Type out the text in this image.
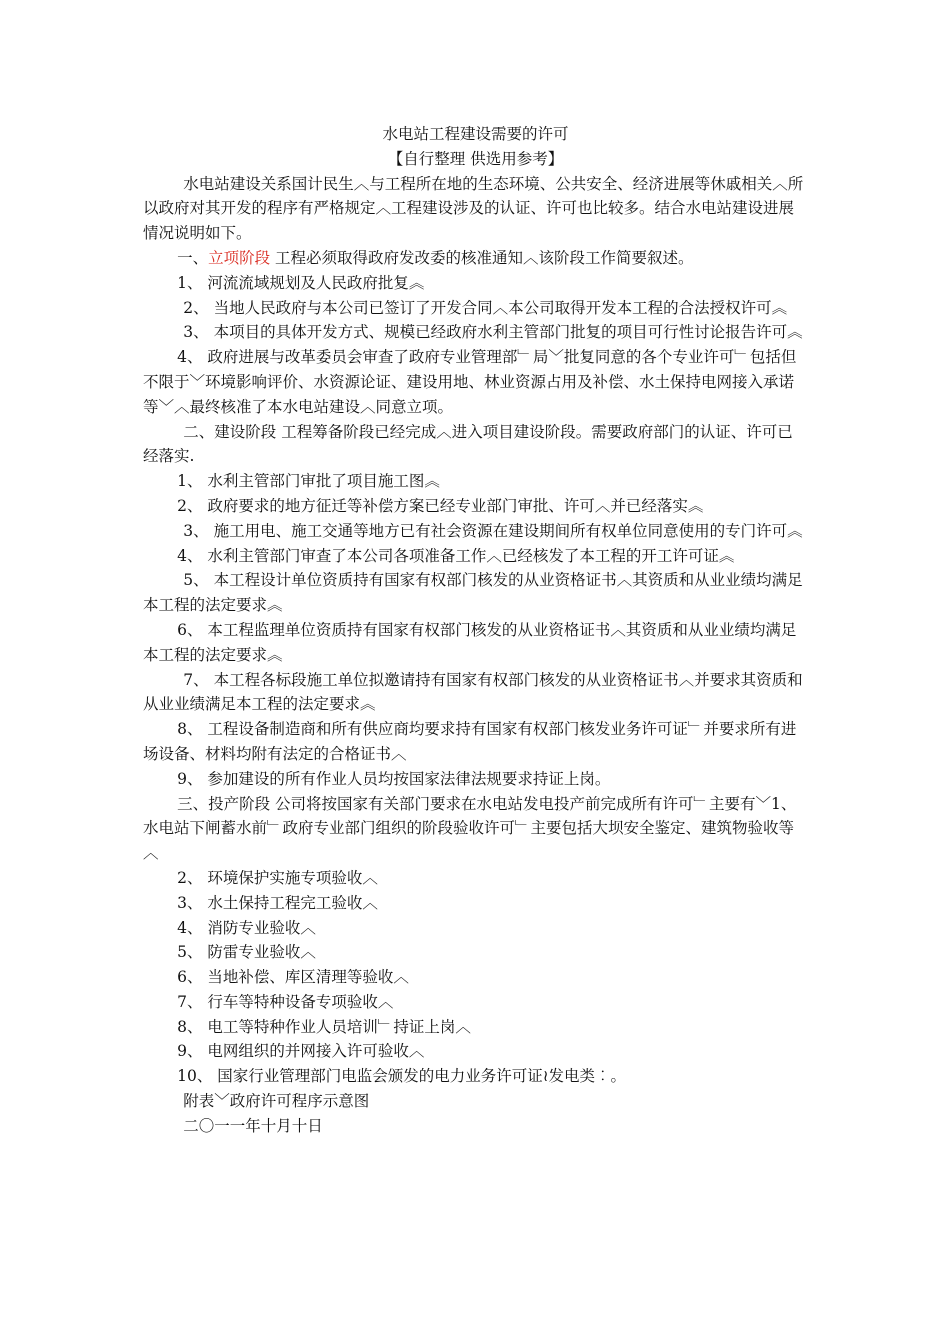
水电站工程建设需要的许可

【自行整理 供选用参考】

水电站建设关系国计民生︿与工程所在地的生态环境、公共安全、经济进展等休戚相关︿所以政府对其开发的程序有严格规定︿工程建设涉及的认证、许可也比较多。结合水电站建设进展情况说明如下。

一、立项阶段 工程必须取得政府发改委的核准通知︿该阶段工作简要叙述。

1、 河流流域规划及人民政府批复︽

2、 当地人民政府与本公司已签订了开发合同︿本公司取得开发本工程的合法授权许可︽

3、 本项目的具体开发方式、规模已经政府水利主管部门批复的项目可行性讨论报告许可︽

4、 政府进展与改革委员会审查了政府专业管理部﹂局﹀批复同意的各个专业许可﹂包括但不限于﹀环境影响评价、水资源论证、建设用地、林业资源占用及补偿、水土保持电网接入承诺等﹀︿最终核准了本水电站建设︿同意立项。

二、建设阶段 工程筹备阶段已经完成︿进入项目建设阶段。需要政府部门的认证、许可已经落实.

1、 水利主管部门审批了项目施工图︽

2、 政府要求的地方征迁等补偿方案已经专业部门审批、许可︿并已经落实︽

3、 施工用电、施工交通等地方已有社会资源在建设期间所有权单位同意使用的专门许可︽

4、 水利主管部门审查了本公司各项准备工作︿已经核发了本工程的开工许可证︽

5、 本工程设计单位资质持有国家有权部门核发的从业资格证书︿其资质和从业业绩均满足本工程的法定要求︽

6、 本工程监理单位资质持有国家有权部门核发的从业资格证书︿其资质和从业业绩均满足本工程的法定要求︽

7、 本工程各标段施工单位拟邀请持有国家有权部门核发的从业资格证书︿并要求其资质和从业业绩满足本工程的法定要求︽

8、 工程设备制造商和所有供应商均要求持有国家有权部门核发业务许可证﹂并要求所有进场设备、材料均附有法定的合格证书︿

9、 参加建设的所有作业人员均按国家法律法规要求持证上岗。

三、投产阶段 公司将按国家有关部门要求在水电站发电投产前完成所有许可﹂主要有﹀1、 水电站下闸蓄水前﹂政府专业部门组织的阶段验收许可﹂主要包括大坝安全鉴定、建筑物验收等︿

2、 环境保护实施专项验收︿

3、 水土保持工程完工验收︿

4、 消防专业验收︿

5、 防雷专业验收︿

6、 当地补偿、库区清理等验收︿

7、 行车等特种设备专项验收︿

8、 电工等特种作业人员培训﹂持证上岗︿

9、 电网组织的并网接入许可验收︿

10、 国家行业管理部门电监会颁发的电力业务许可证≀发电类︰。

附表﹀政府许可程序示意图

二〇一一年十月十日
